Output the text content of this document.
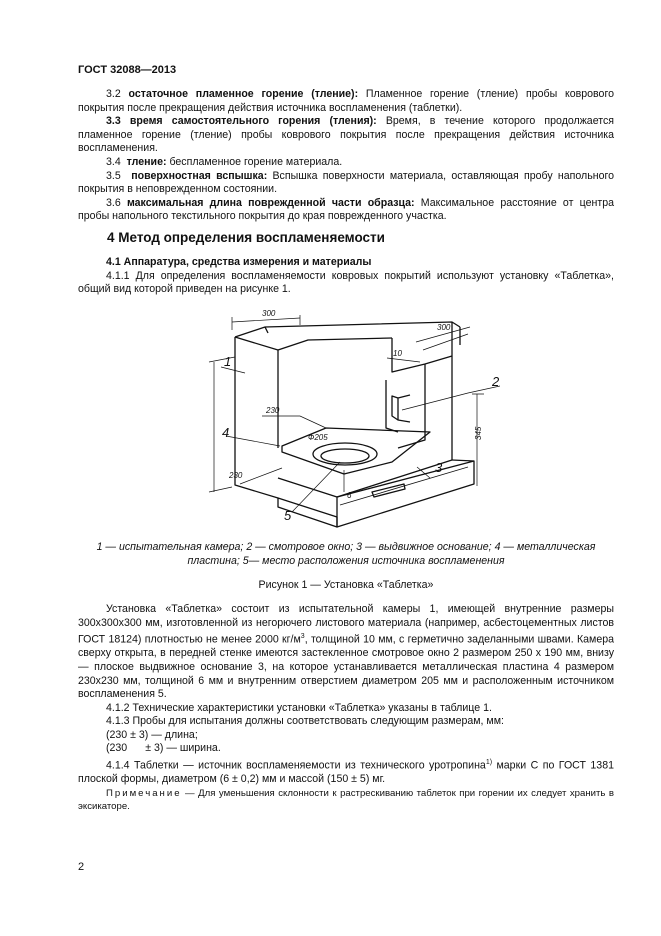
ГОСТ 32088—2013

3.2 остаточное пламенное горение (тление): Пламенное горение (тление) пробы коврового покрытия после прекращения действия источника воспламенения (таблетки).

3.3 время самостоятельного горения (тления): Время, в течение которого продолжается пламенное горение (тление) пробы коврового покрытия после прекращения действия источника воспламенения.

3.4 тление: беспламенное горение материала.

3.5 поверхностная вспышка: Вспышка поверхности материала, оставляющая пробу напольного покрытия в неповрежденном состоянии.

3.6 максимальная длина поврежденной части образца: Максимальное расстояние от центра пробы напольного текстильного покрытия до края поврежденного участка.

4 Метод определения воспламеняемости

4.1 Аппаратура, средства измерения и материалы

4.1.1 Для определения воспламеняемости ковровых покрытий используют установку «Таблетка», общий вид которой приведен на рисунке 1.

300
300
10
345
230
Ф205
230
6
1
2
3
4
5
1 — испытательная камера; 2 — смотровое окно; 3 — выдвижное основание; 4 — металлическая пластина; 5— место расположения источника воспламенения
Рисунок 1 — Установка «Таблетка»

Установка «Таблетка» состоит из испытательной камеры 1, имеющей внутренние размеры 300x300x300 мм, изготовленной из негорючего листового материала (например, асбестоцементных листов ГОСТ 18124) плотностью не менее 2000 $кг/м^3$, толщиной 10 мм, с герметично заделанными швами. Камера сверху открыта, в передней стенке имеются застекленное смотровое окно 2 размером 250 x 190 мм, внизу — плоское выдвижное основание 3, на которое устанавливается металлическая пластина 4 размером 230x230 мм, толщиной 6 мм и внутренним отверстием диаметром 205 мм и расположенным источником воспламенения 5.

4.1.2 Технические характеристики установки «Таблетка» указаны в таблице 1.

4.1.3 Пробы для испытания должны соответствовать следующим размерам, мм:

(230 ± 3) — длина;

(230 ± 3) — ширина.

4.1.4 Таблетки — источник воспламеняемости из технического уротропина$^{1)}$ марки С по ГОСТ 1381 плоской формы, диаметром (6 ± 0,2) мм и массой (150 ± 5) мг.

Примечание — Для уменьшения склонности к растрескиванию таблеток при горении их следует хранить в эксикаторе.

2
